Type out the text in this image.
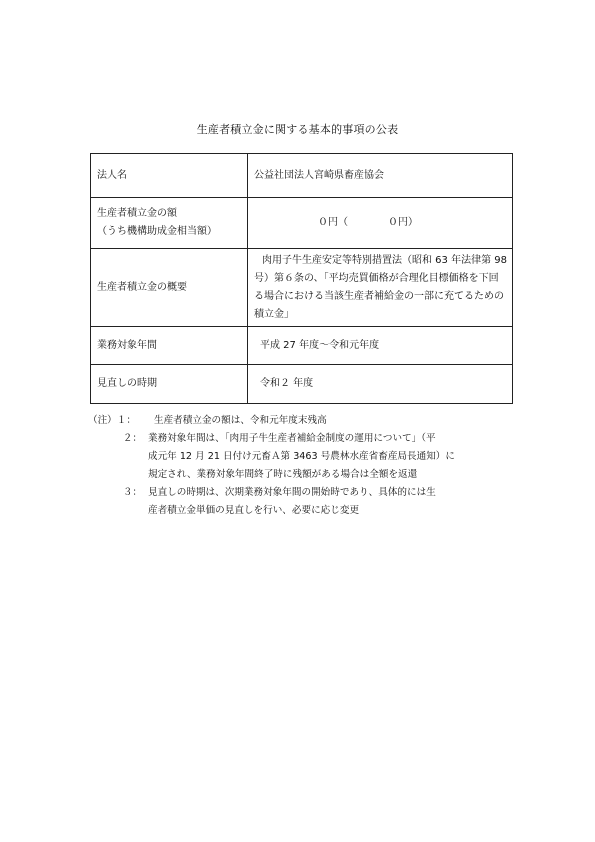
生産者積立金に関する基本的事項の公表
法人名	公益社団法人宮崎県畜産協会

生産者積立金の額
（うち機構助成金相当額）	０円（　　　　０円）

生産者積立金の概要	肉用子牛生産安定等特別措置法（昭和 63 年法律第 98 号）第６条の、「平均売買価格が合理化目標価格を下回る場合における当該生産者補給金の一部に充てるための積立金」

業務対象年間	平成 27 年度～令和元年度
見直しの時期	令和２ 年度
（注）１：	生産者積立金の額は、令和元年度末残高
２： 業務対象年間は、「肉用子牛生産者補給金制度の運用について」（平
成元年 12 月 21 日付け元畜Ａ第 3463 号農林水産省畜産局長通知）に
規定され、業務対象年間終了時に残額がある場合は全額を返還
３： 見直しの時期は、次期業務対象年間の開始時であり、具体的には生
産者積立金単価の見直しを行い、必要に応じ変更
